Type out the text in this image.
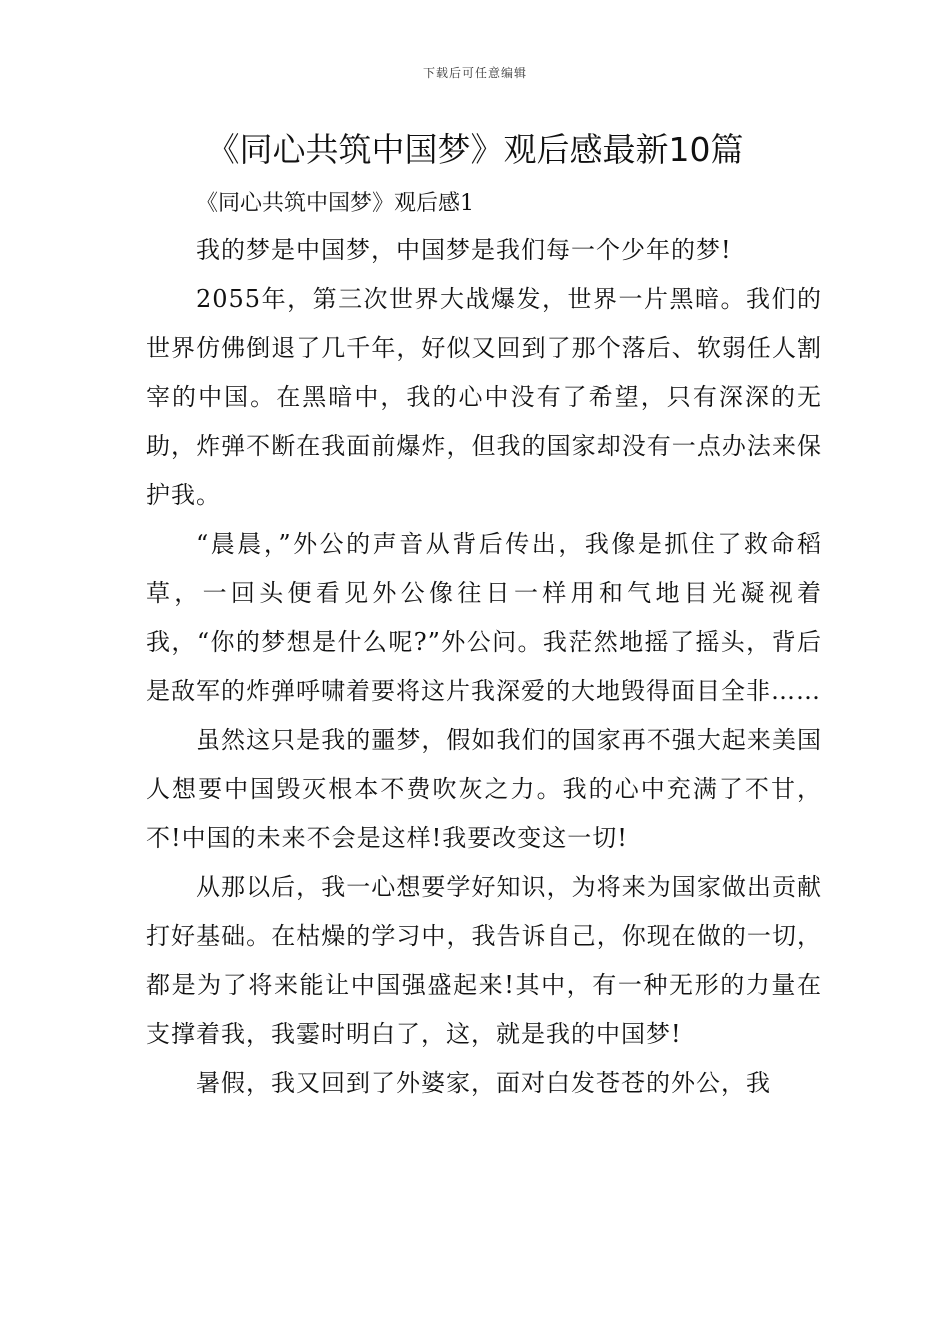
下载后可任意编辑
《同心共筑中国梦》观后感最新10篇
《同心共筑中国梦》观后感1

我的梦是中国梦，中国梦是我们每一个少年的梦!

2055年，第三次世界大战爆发，世界一片黑暗。我们的世界仿佛倒退了几千年，好似又回到了那个落后、软弱任人割宰的中国。在黑暗中，我的心中没有了希望，只有深深的无助，炸弹不断在我面前爆炸，但我的国家却没有一点办法来保护我。

“晨晨，”外公的声音从背后传出，我像是抓住了救命稻草，一回头便看见外公像往日一样用和气地目光凝视着我，“你的梦想是什么呢?”外公问。我茫然地摇了摇头，背后是敌军的炸弹呼啸着要将这片我深爱的大地毁得面目全非……

虽然这只是我的噩梦，假如我们的国家再不强大起来美国人想要中国毁灭根本不费吹灰之力。我的心中充满了不甘，不!中国的未来不会是这样!我要改变这一切!

从那以后，我一心想要学好知识，为将来为国家做出贡献打好基础。在枯燥的学习中，我告诉自己，你现在做的一切，都是为了将来能让中国强盛起来!其中，有一种无形的力量在支撑着我，我霎时明白了，这，就是我的中国梦!

暑假，我又回到了外婆家，面对白发苍苍的外公，我
